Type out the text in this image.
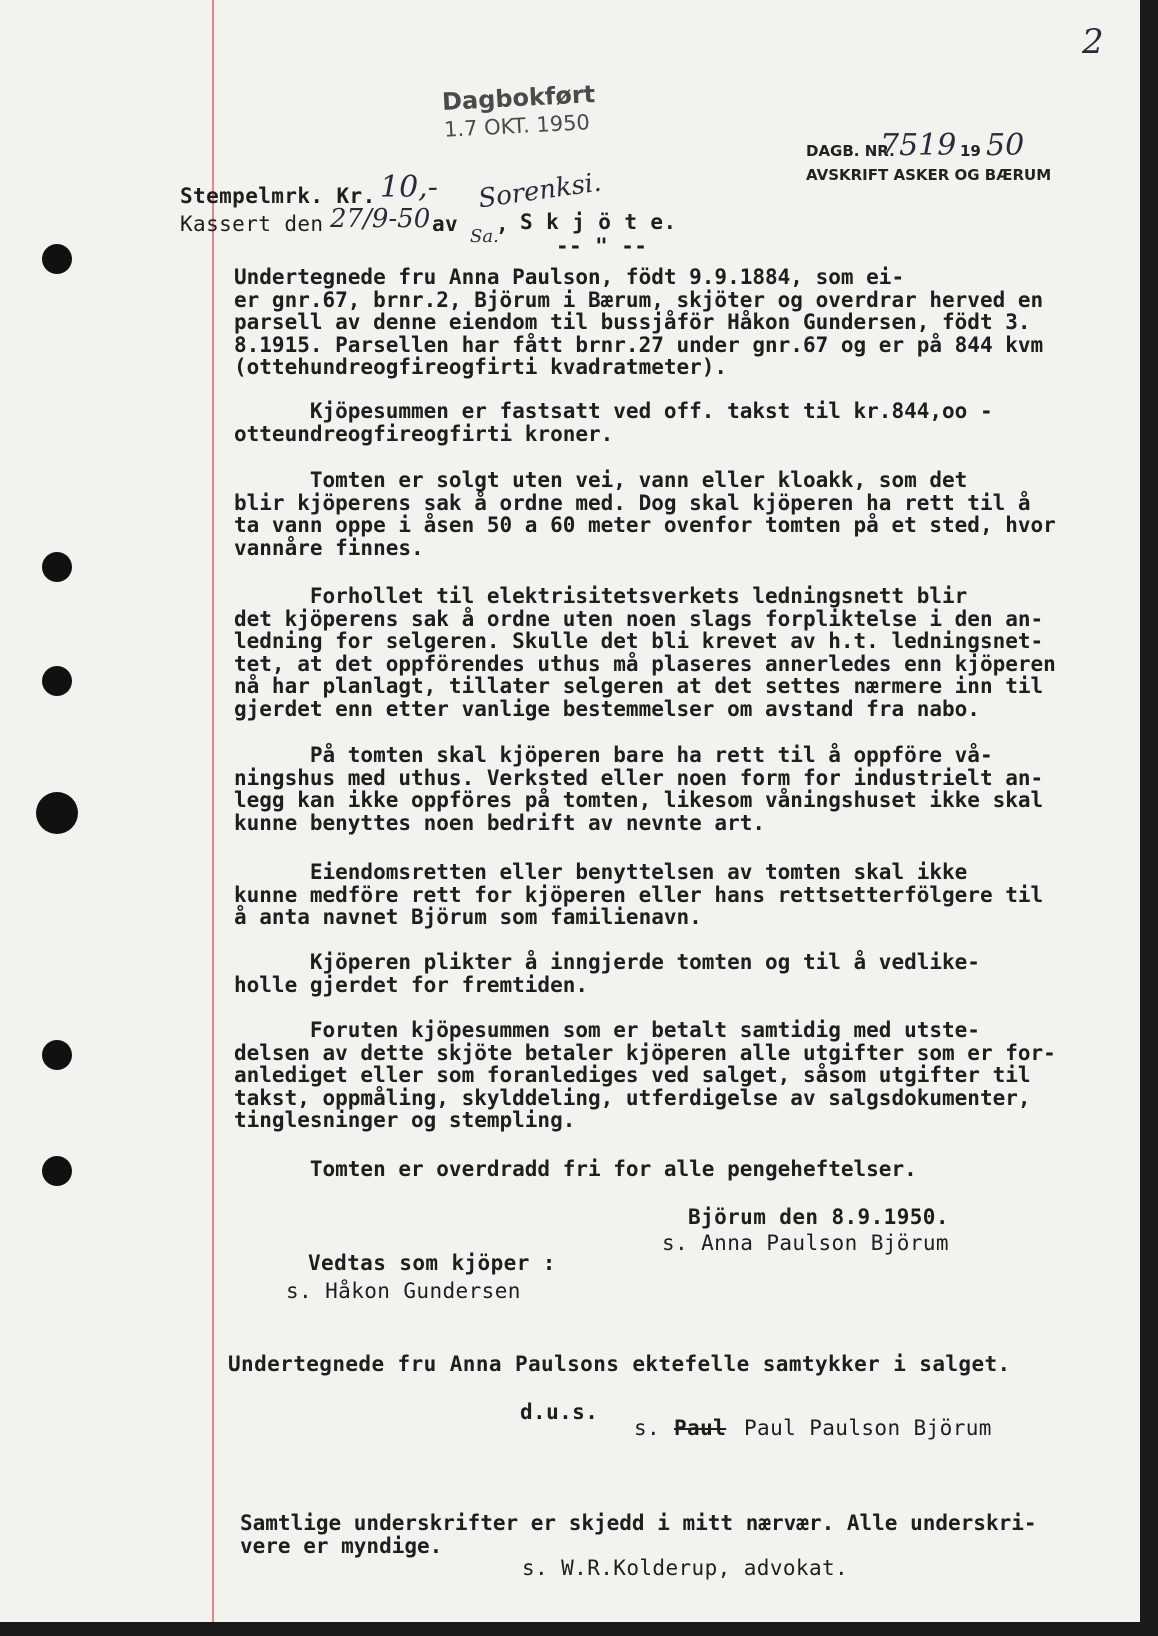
2
Dagbokført
1.7 OKT. 1950
DAGB. NR.
7519 19 50
AVSKRIFT ASKER OG BÆRUM
Stempelmrk. Kr. 10,-
Kassert den 27/9-50 av
Sa.
Sorenksi.
, S k j ö t e.
-- " --
Undertegnede fru Anna Paulson, födt 9.9.1884, som ei-
er gnr.67, brnr.2, Björum i Bærum, skjöter og overdrar herved en
parsell av denne eiendom til bussjåför Håkon Gundersen, födt 3.
8.1915. Parsellen har fått brnr.27 under gnr.67 og er på 844 kvm
(ottehundreogfireogfirti kvadratmeter).
Kjöpesummen er fastsatt ved off. takst til kr.844,oo -
otteundreogfireogfirti kroner.
Tomten er solgt uten vei, vann eller kloakk, som det
blir kjöperens sak å ordne med. Dog skal kjöperen ha rett til å
ta vann oppe i åsen 50 a 60 meter ovenfor tomten på et sted, hvor
vannåre finnes.
Forhollet til elektrisitetsverkets ledningsnett blir
det kjöperens sak å ordne uten noen slags forpliktelse i den an-
ledning for selgeren. Skulle det bli krevet av h.t. ledningsnet-
tet, at det oppförendes uthus må plaseres annerledes enn kjöperen
nå har planlagt, tillater selgeren at det settes nærmere inn til
gjerdet enn etter vanlige bestemmelser om avstand fra nabo.
På tomten skal kjöperen bare ha rett til å oppföre vå-
ningshus med uthus. Verksted eller noen form for industrielt an-
legg kan ikke oppföres på tomten, likesom våningshuset ikke skal
kunne benyttes noen bedrift av nevnte art.
Eiendomsretten eller benyttelsen av tomten skal ikke
kunne medföre rett for kjöperen eller hans rettsetterfölgere til
å anta navnet Björum som familienavn.
Kjöperen plikter å inngjerde tomten og til å vedlike-
holle gjerdet for fremtiden.
Foruten kjöpesummen som er betalt samtidig med utste-
delsen av dette skjöte betaler kjöperen alle utgifter som er for-
anlediget eller som foranlediges ved salget, såsom utgifter til
takst, oppmåling, skylddeling, utferdigelse av salgsdokumenter,
tinglesninger og stempling.
Tomten er overdradd fri for alle pengeheftelser.
Björum den 8.9.1950.
s. Anna Paulson Björum
Vedtas som kjöper :
s. Håkon Gundersen
Undertegnede fru Anna Paulsons ektefelle samtykker i salget.
d.u.s.
s. Paul Paul Paulson Björum
Samtlige underskrifter er skjedd i mitt nærvær. Alle underskri-
vere er myndige.
s. W.R.Kolderup, advokat.
